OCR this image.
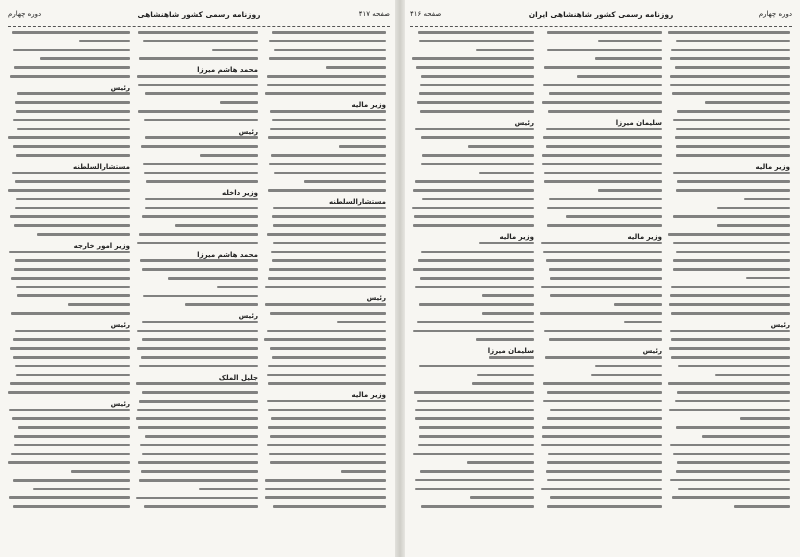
صفحه ۴۱۷
روزنامه رسمی کشور شاهنشاهی
دوره چهارم
رئیس
مستشارالسلطنه
وزیر امور خارجه
رئیس
رئیس
محمد هاشم میرزا
رئیس
وزیر داخله
محمد هاشم میرزا
رئیس
جلیل الملک
وزیر مالیه
مستشارالسلطنه
رئیس
وزیر مالیه
صفحه ۴۱۶	روزنامه رسمی کشور شاهنشاهی ایران	دوره چهارم
رئیس
وزیر مالیه
سلیمان میرزا
سلیمان میرزا
وزیر مالیه
رئیس
وزیر مالیه
رئیس
